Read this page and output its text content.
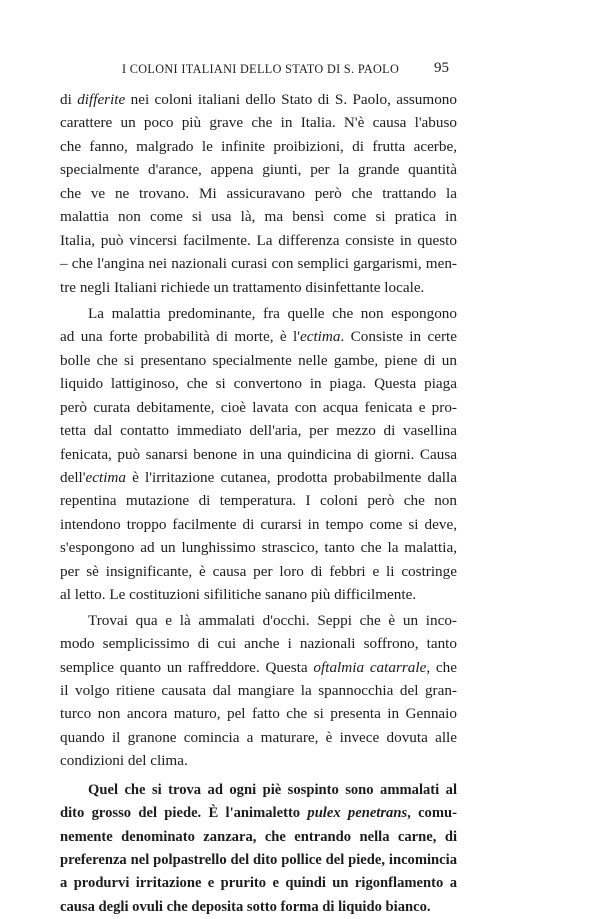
I COLONI ITALIANI DELLO STATO DI S. PAOLO 95
di differite nei coloni italiani dello Stato di S. Paolo, assumono
carattere un poco più grave che in Italia. N'è causa l'abuso
che fanno, malgrado le infinite proibizioni, di frutta acerbe,
specialmente d'arance, appena giunti, per la grande quantità
che ve ne trovano. Mi assicuravano però che trattando la
malattia non come si usa là, ma bensì come si pratica in
Italia, può vincersi facilmente. La differenza consiste in questo
– che l'angina nei nazionali curasi con semplici gargarismi, men-
tre negli Italiani richiede un trattamento disinfettante locale.
La malattia predominante, fra quelle che non espongono
ad una forte probabilità di morte, è l'ectima. Consiste in certe
bolle che si presentano specialmente nelle gambe, piene di un
liquido lattiginoso, che si convertono in piaga. Questa piaga
però curata debitamente, cioè lavata con acqua fenicata e pro-
tetta dal contatto immediato dell'aria, per mezzo di vasellina
fenicata, può sanarsi benone in una quindicina di giorni. Causa
dell'ectima è l'irritazione cutanea, prodotta probabilmente dalla
repentina mutazione di temperatura. I coloni però che non
intendono troppo facilmente di curarsi in tempo come si deve,
s'espongono ad un lunghissimo strascico, tanto che la malattia,
per sè insignificante, è causa per loro di febbri e li costringe
al letto. Le costituzioni sifilitiche sanano più difficilmente.
Trovai qua e là ammalati d'occhi. Seppi che è un inco-
modo semplicissimo di cui anche i nazionali soffrono, tanto
semplice quanto un raffreddore. Questa oftalmia catarrale, che
il volgo ritiene causata dal mangiare la spannocchia del gran-
turco non ancora maturo, pel fatto che si presenta in Gennaio
quando il granone comincia a maturare, è invece dovuta alle
condizioni del clima.
Quel che si trova ad ogni piè sospinto sono ammalati al
dito grosso del piede. È l'animaletto pulex penetrans, comu-
nemente denominato zanzara, che entrando nella carne, di
preferenza nel polpastrello del dito pollice del piede, incomincia
a produrvi irritazione e prurito e quindi un rigonflamento a
causa degli ovuli che deposita sotto forma di liquido bianco.
